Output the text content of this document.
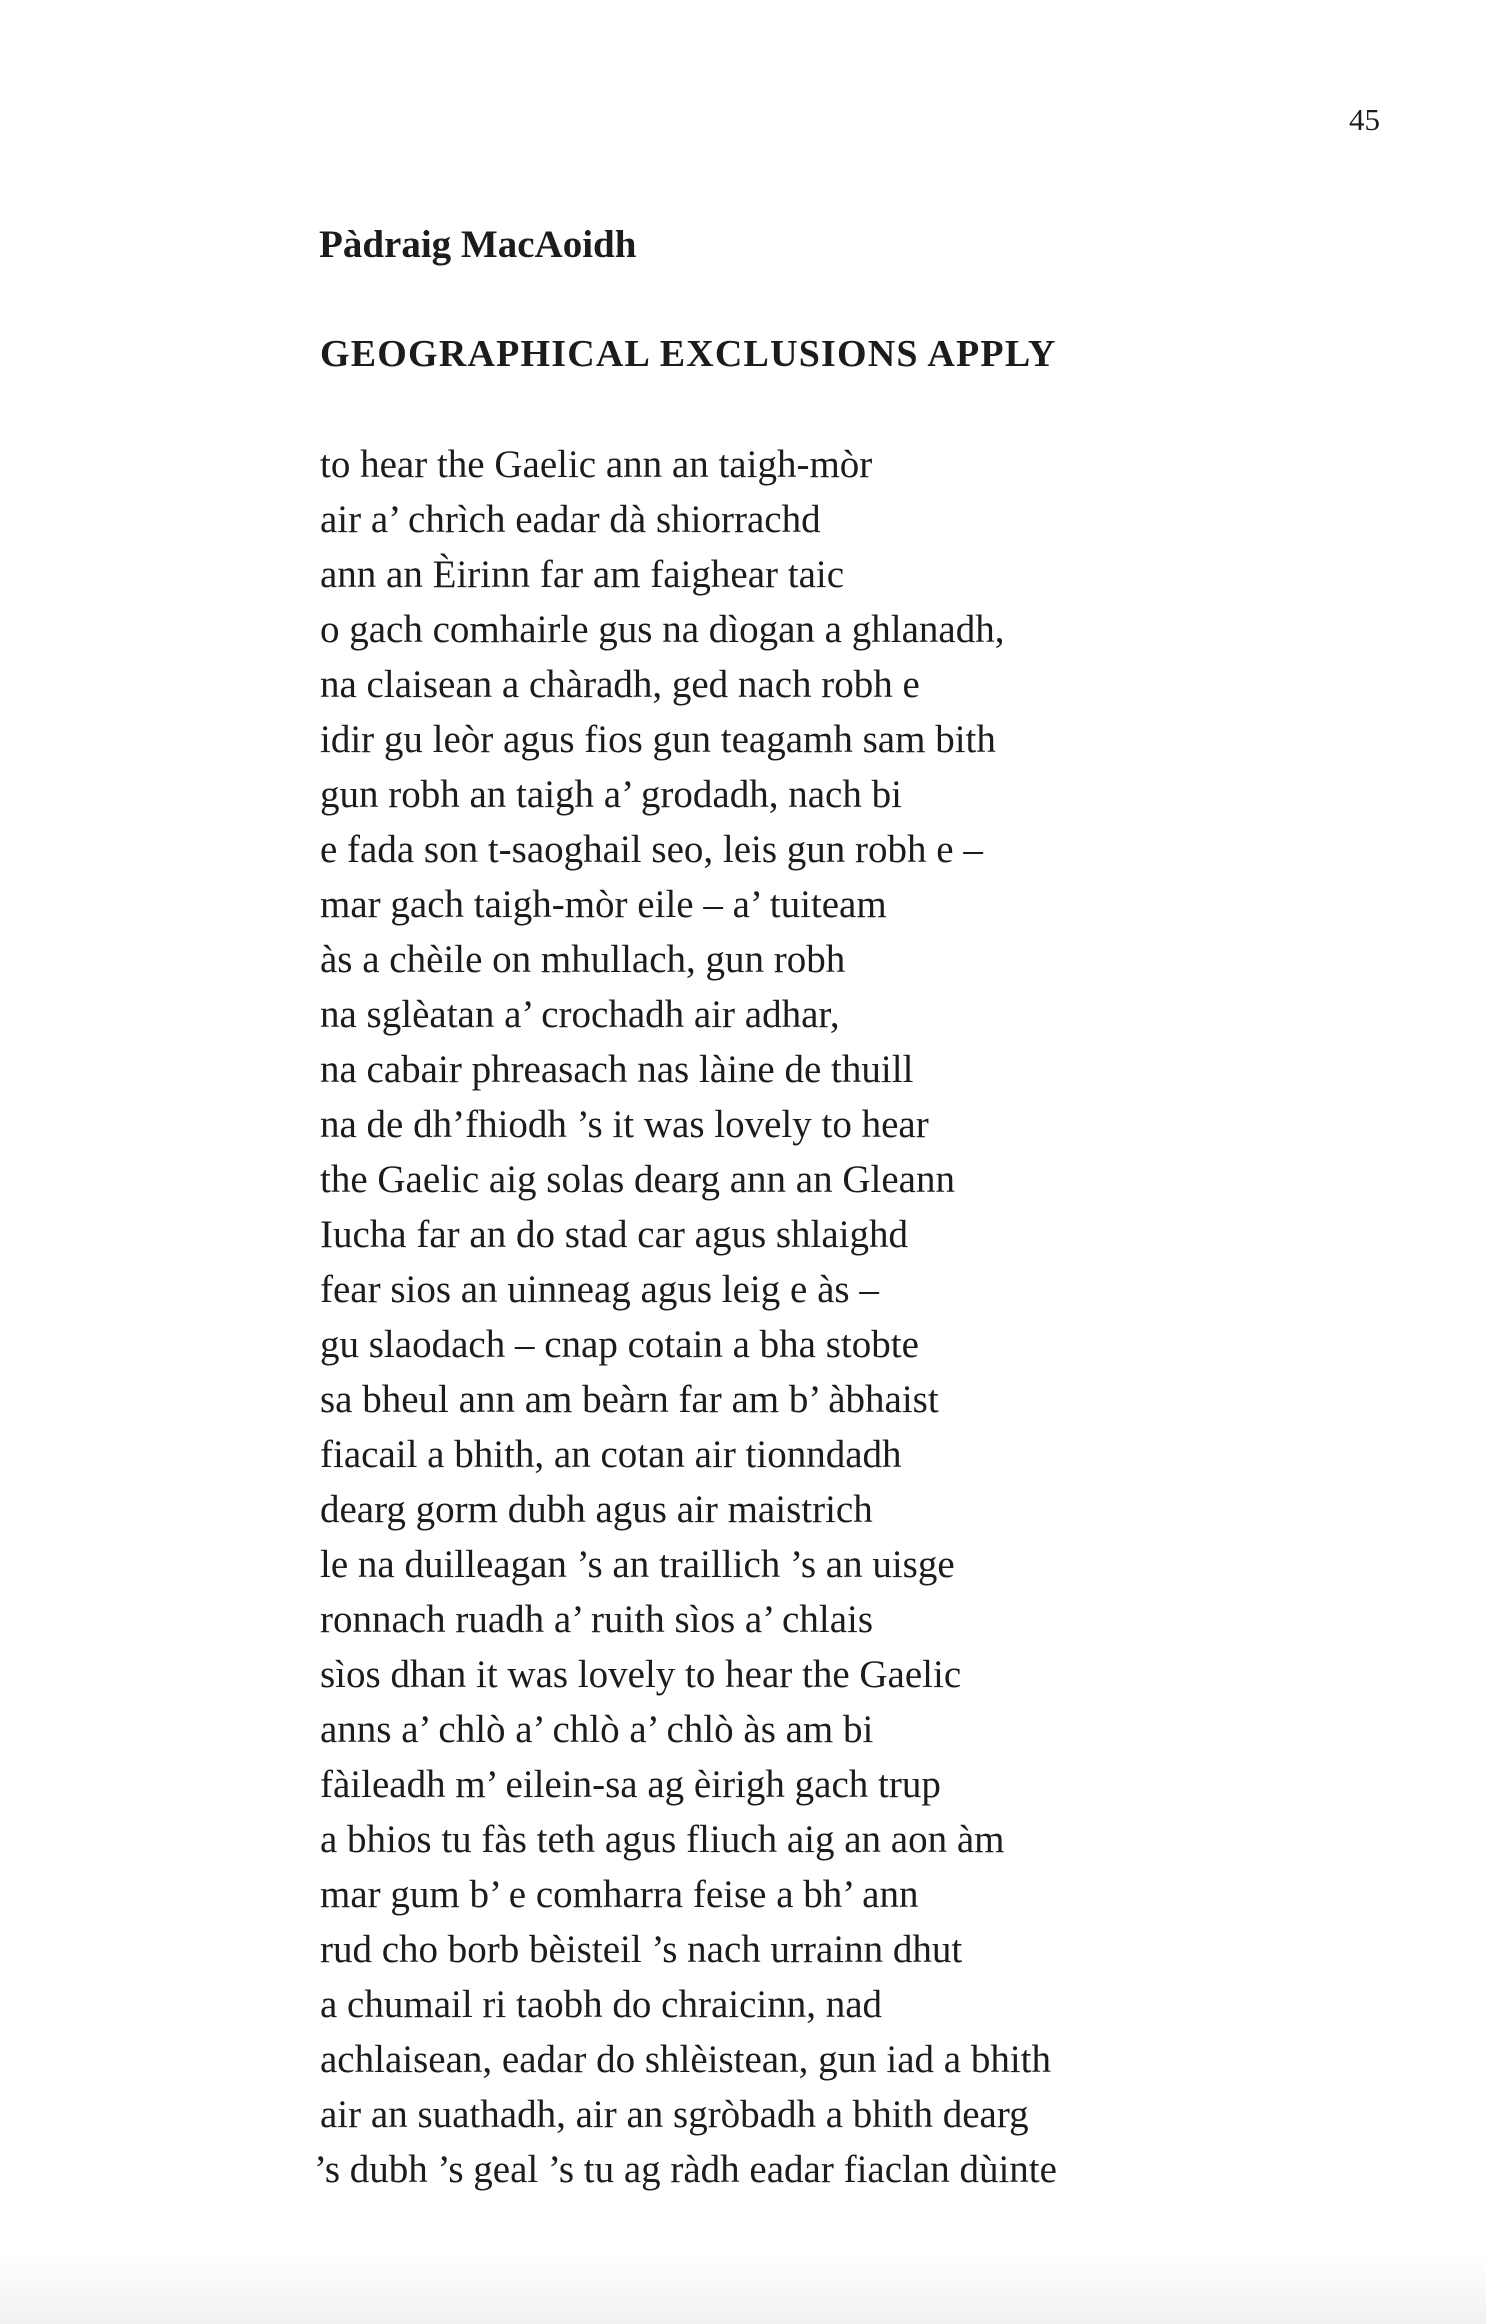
45
Pàdraig MacAoidh
GEOGRAPHICAL EXCLUSIONS APPLY
to hear the Gaelic ann an taigh-mòr
air a’ chrìch eadar dà shiorrachd
ann an Èirinn far am faighear taic
o gach comhairle gus na dìogan a ghlanadh,
na claisean a chàradh, ged nach robh e
idir gu leòr agus fios gun teagamh sam bith
gun robh an taigh a’ grodadh, nach bi
e fada son t-saoghail seo, leis gun robh e –
mar gach taigh-mòr eile – a’ tuiteam
às a chèile on mhullach, gun robh
na sglèatan a’ crochadh air adhar,
na cabair phreasach nas làine de thuill
na de dh’fhiodh ’s it was lovely to hear
the Gaelic aig solas dearg ann an Gleann
Iucha far an do stad car agus shlaighd
fear sios an uinneag agus leig e às –
gu slaodach – cnap cotain a bha stobte
sa bheul ann am beàrn far am b’ àbhaist
fiacail a bhith, an cotan air tionndadh
dearg gorm dubh agus air maistrich
le na duilleagan ’s an traillich ’s an uisge
ronnach ruadh a’ ruith sìos a’ chlais
sìos dhan it was lovely to hear the Gaelic
anns a’ chlò a’ chlò a’ chlò às am bi
fàileadh m’ eilein-sa ag èirigh gach trup
a bhios tu fàs teth agus fliuch aig an aon àm
mar gum b’ e comharra feise a bh’ ann
rud cho borb bèisteil ’s nach urrainn dhut
a chumail ri taobh do chraicinn, nad
achlaisean, eadar do shlèistean, gun iad a bhith
air an suathadh, air an sgròbadh a bhith dearg
’s dubh ’s geal ’s tu ag ràdh eadar fiaclan dùinte
